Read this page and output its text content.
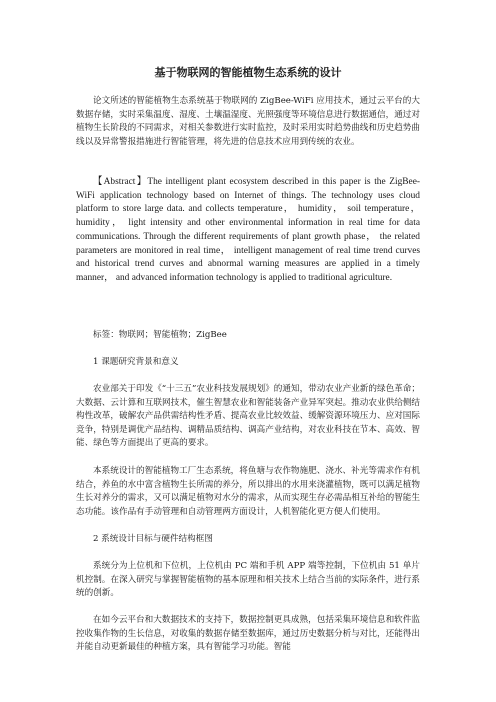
基于物联网的智能植物生态系统的设计
论文所述的智能植物生态系统基于物联网的 ZigBee-WiFi 应用技术，通过云平台的大数据存储，实时采集温度、湿度、土壤温湿度、光照强度等环境信息进行数据通信，通过对植物生长阶段的不同需求，对相关参数进行实时监控，及时采用实时趋势曲线和历史趋势曲线以及异常警报措施进行智能管理，将先进的信息技术应用到传统的农业。
【Abstract】The intelligent plant ecosystem described in this paper is the ZigBee-WiFi application technology based on Internet of things. The technology uses cloud platform to store large data. and collects temperature， humidity， soil temperature， humidity， light intensity and other environmental information in real time for data communications. Through the different requirements of plant growth phase， the related parameters are monitored in real time， intelligent management of real time trend curves and historical trend curves and abnormal warning measures are applied in a timely manner， and advanced information technology is applied to traditional agriculture.
标签：物联网；智能植物；ZigBee
1 课题研究背景和意义
农业部关于印发《“十三五”农业科技发展规划》的通知，带动农业产业新的绿色革命；大数据、云计算和互联网技术，催生智慧农业和智能装备产业异军突起。推动农业供给侧结构性改革，破解农产品供需结构性矛盾、提高农业比较效益、缓解资源环境压力、应对国际竞争，特别是调优产品结构、调精品质结构、调高产业结构，对农业科技在节本、高效、智能、绿色等方面提出了更高的要求。
本系统设计的智能植物工厂生态系统，将鱼塘与农作物施肥、浇水、补光等需求作有机结合，养鱼的水中富含植物生长所需的养分，所以排出的水用来浇灌植物，既可以满足植物生长对养分的需求，又可以满足植物对水分的需求，从而实现生存必需品相互补给的智能生态功能。该作品有手动管理和自动管理两方面设计，人机智能化更方便人们使用。
2 系统设计目标与硬件结构框图
系统分为上位机和下位机，上位机由 PC 端和手机 APP 端等控制，下位机由 51 单片机控制。在深入研究与掌握智能植物的基本原理和相关技术上结合当前的实际条件，进行系统的创新。
在如今云平台和大数据技术的支持下，数据控制更具成熟，包括采集环境信息和软件监控收集作物的生长信息，对收集的数据存储至数据库，通过历史数据分析与对比，还能得出并能自动更新最佳的种植方案，具有智能学习功能。智能
